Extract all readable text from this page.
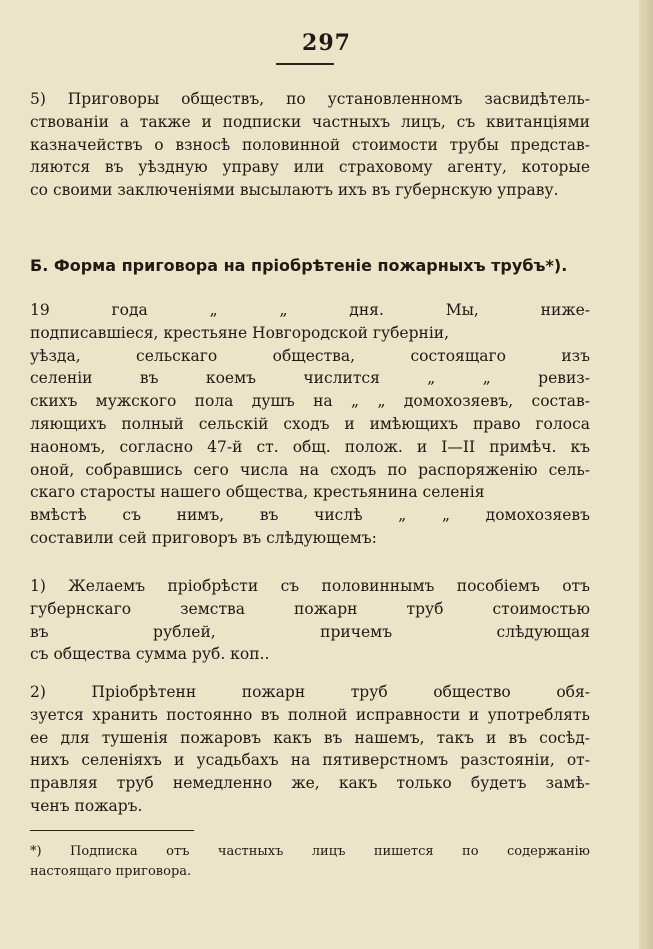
297
5) Приговоры обществъ, по установленномъ засвидѣтель-
ствованіи а также и подписки частныхъ лицъ, съ квитанціями
казначействъ о взносѣ половинной стоимости трубы представ-
ляются въ уѣздную управу или страховому агенту, которые
со своими заключеніями высылаютъ ихъ въ губернскую управу.
Б. Форма приговора на пріобрѣтеніе пожарныхъ трубъ*).
19 года „ „ дня. Мы, ниже-
подписавшіеся, крестьяне Новгородской губерніи,
уѣзда, сельскаго общества, состоящаго изъ
селеніи въ коемъ числится „ „ ревиз-
скихъ мужского пола душъ на „ „ домохозяевъ, состав-
ляющихъ полный сельскій сходъ и имѣющихъ право голоса
наономъ, согласно 47-й ст. общ. полож. и I—II примѣч. къ
оной, собравшись сего числа на сходъ по распоряженію сель-
скаго старосты нашего общества, крестьянина селенія
вмѣстѣ съ нимъ, въ числѣ „ „ домохозяевъ
составили сей приговоръ въ слѣдующемъ:
1) Желаемъ пріобрѣсти съ половиннымъ пособіемъ отъ
губернскаго земства пожарн труб стоимостью
въ рублей, причемъ слѣдующая
съ общества сумма руб. коп..
2) Пріобрѣтенн пожарн труб общество обя-
зуется хранить постоянно въ полной исправности и употреблять
ее для тушенія пожаровъ какъ въ нашемъ, такъ и въ сосѣд-
нихъ селеніяхъ и усадьбахъ на пятиверстномъ разстояніи, от-
правляя труб немедленно же, какъ только будетъ замѣ-
ченъ пожаръ.
*) Подписка отъ частныхъ лицъ пишется по содержанію
настоящаго приговора.
